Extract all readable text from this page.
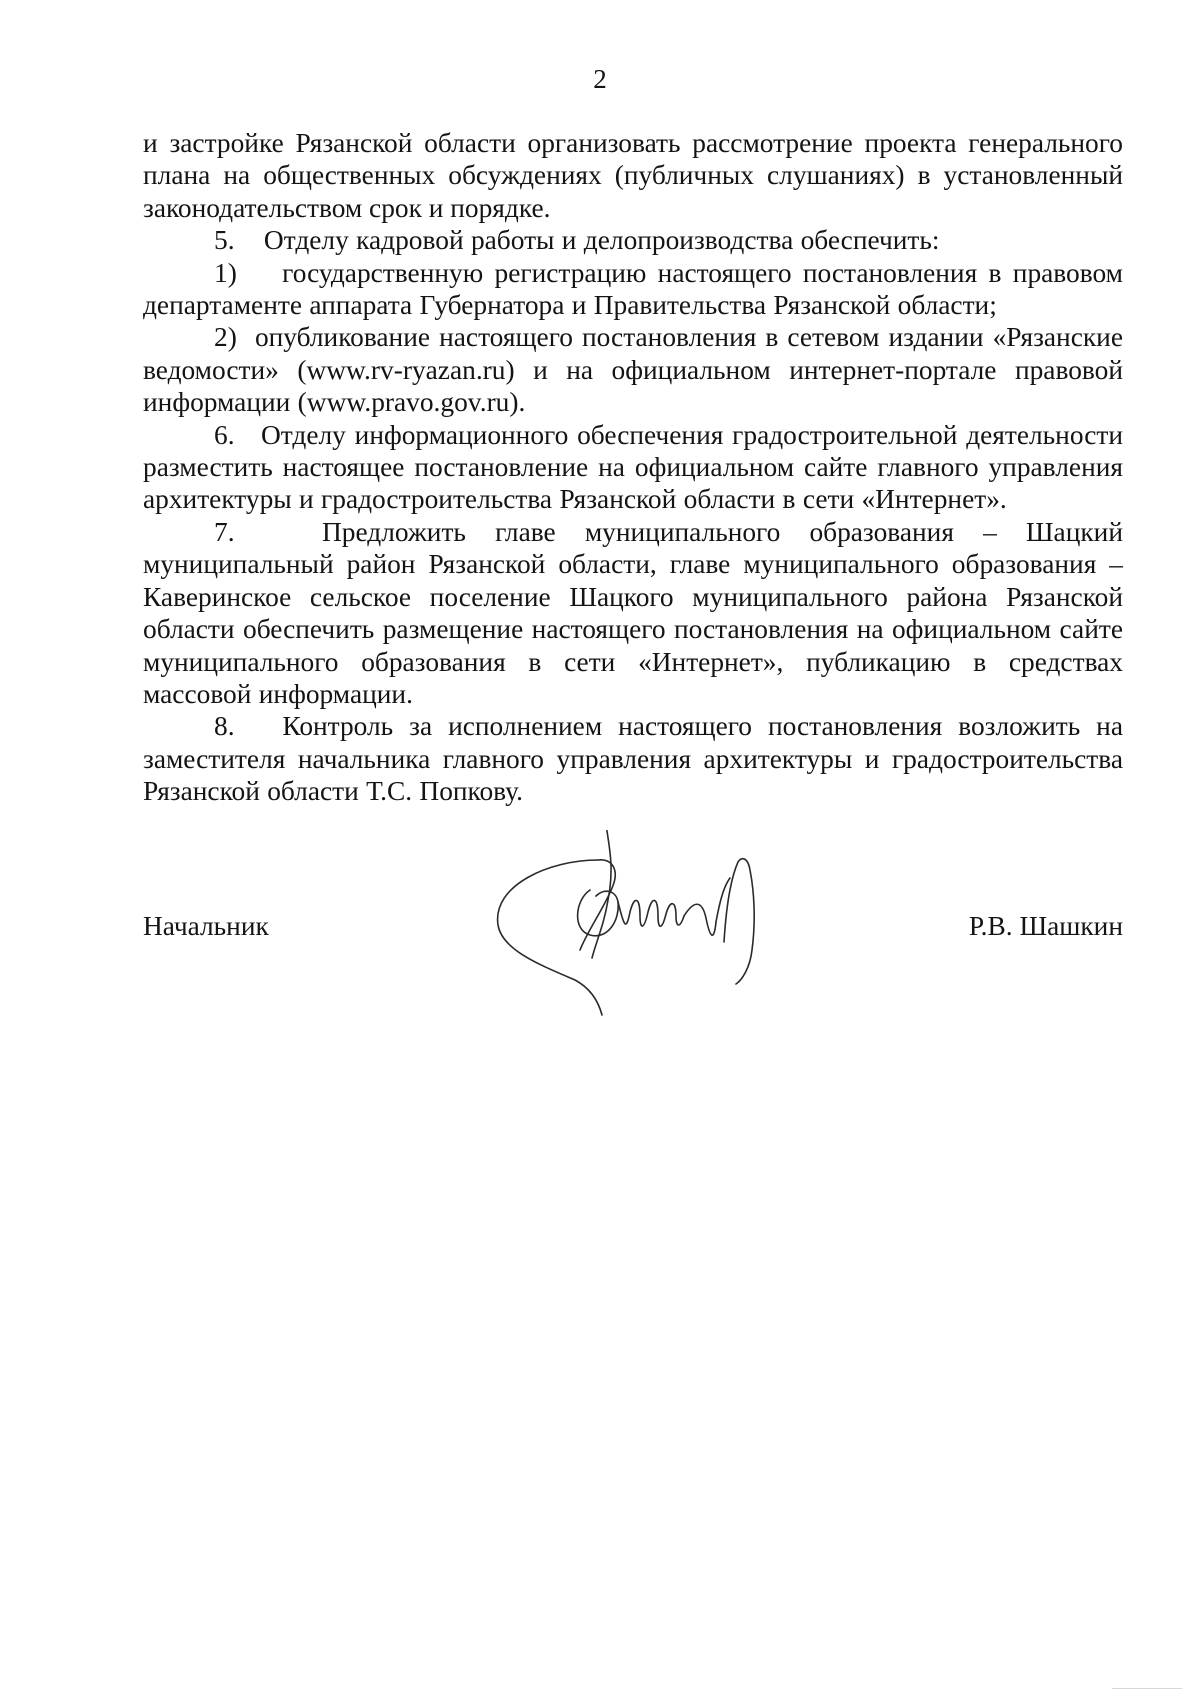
2

и застройке Рязанской области организовать рассмотрение проекта генерального плана на общественных обсуждениях (публичных слушаниях) в установленный законодательством срок и порядке.

5.    Отделу кадровой работы и делопроизводства обеспечить:

1)    государственную регистрацию настоящего постановления в правовом департаменте аппарата Губернатора и Правительства Рязанской области;

2)  опубликование настоящего постановления в сетевом издании «Рязанские ведомости» (www.rv-ryazan.ru) и на официальном интернет-портале правовой информации (www.pravo.gov.ru).

6.   Отделу информационного обеспечения градостроительной деятельности разместить настоящее постановление на официальном сайте главного управления архитектуры и градостроительства Рязанской области в сети «Интернет».

7.   Предложить главе муниципального образования – Шацкий муниципальный район Рязанской области, главе муниципального образования – Каверинское сельское поселение Шацкого муниципального района Рязанской области обеспечить размещение настоящего постановления на официальном сайте муниципального образования в сети «Интернет», публикацию в средствах массовой информации.

8.   Контроль за исполнением настоящего постановления возложить на заместителя начальника главного управления архитектуры и градостроительства Рязанской области Т.С. Попкову.

Начальник	Р.В. Шашкин
